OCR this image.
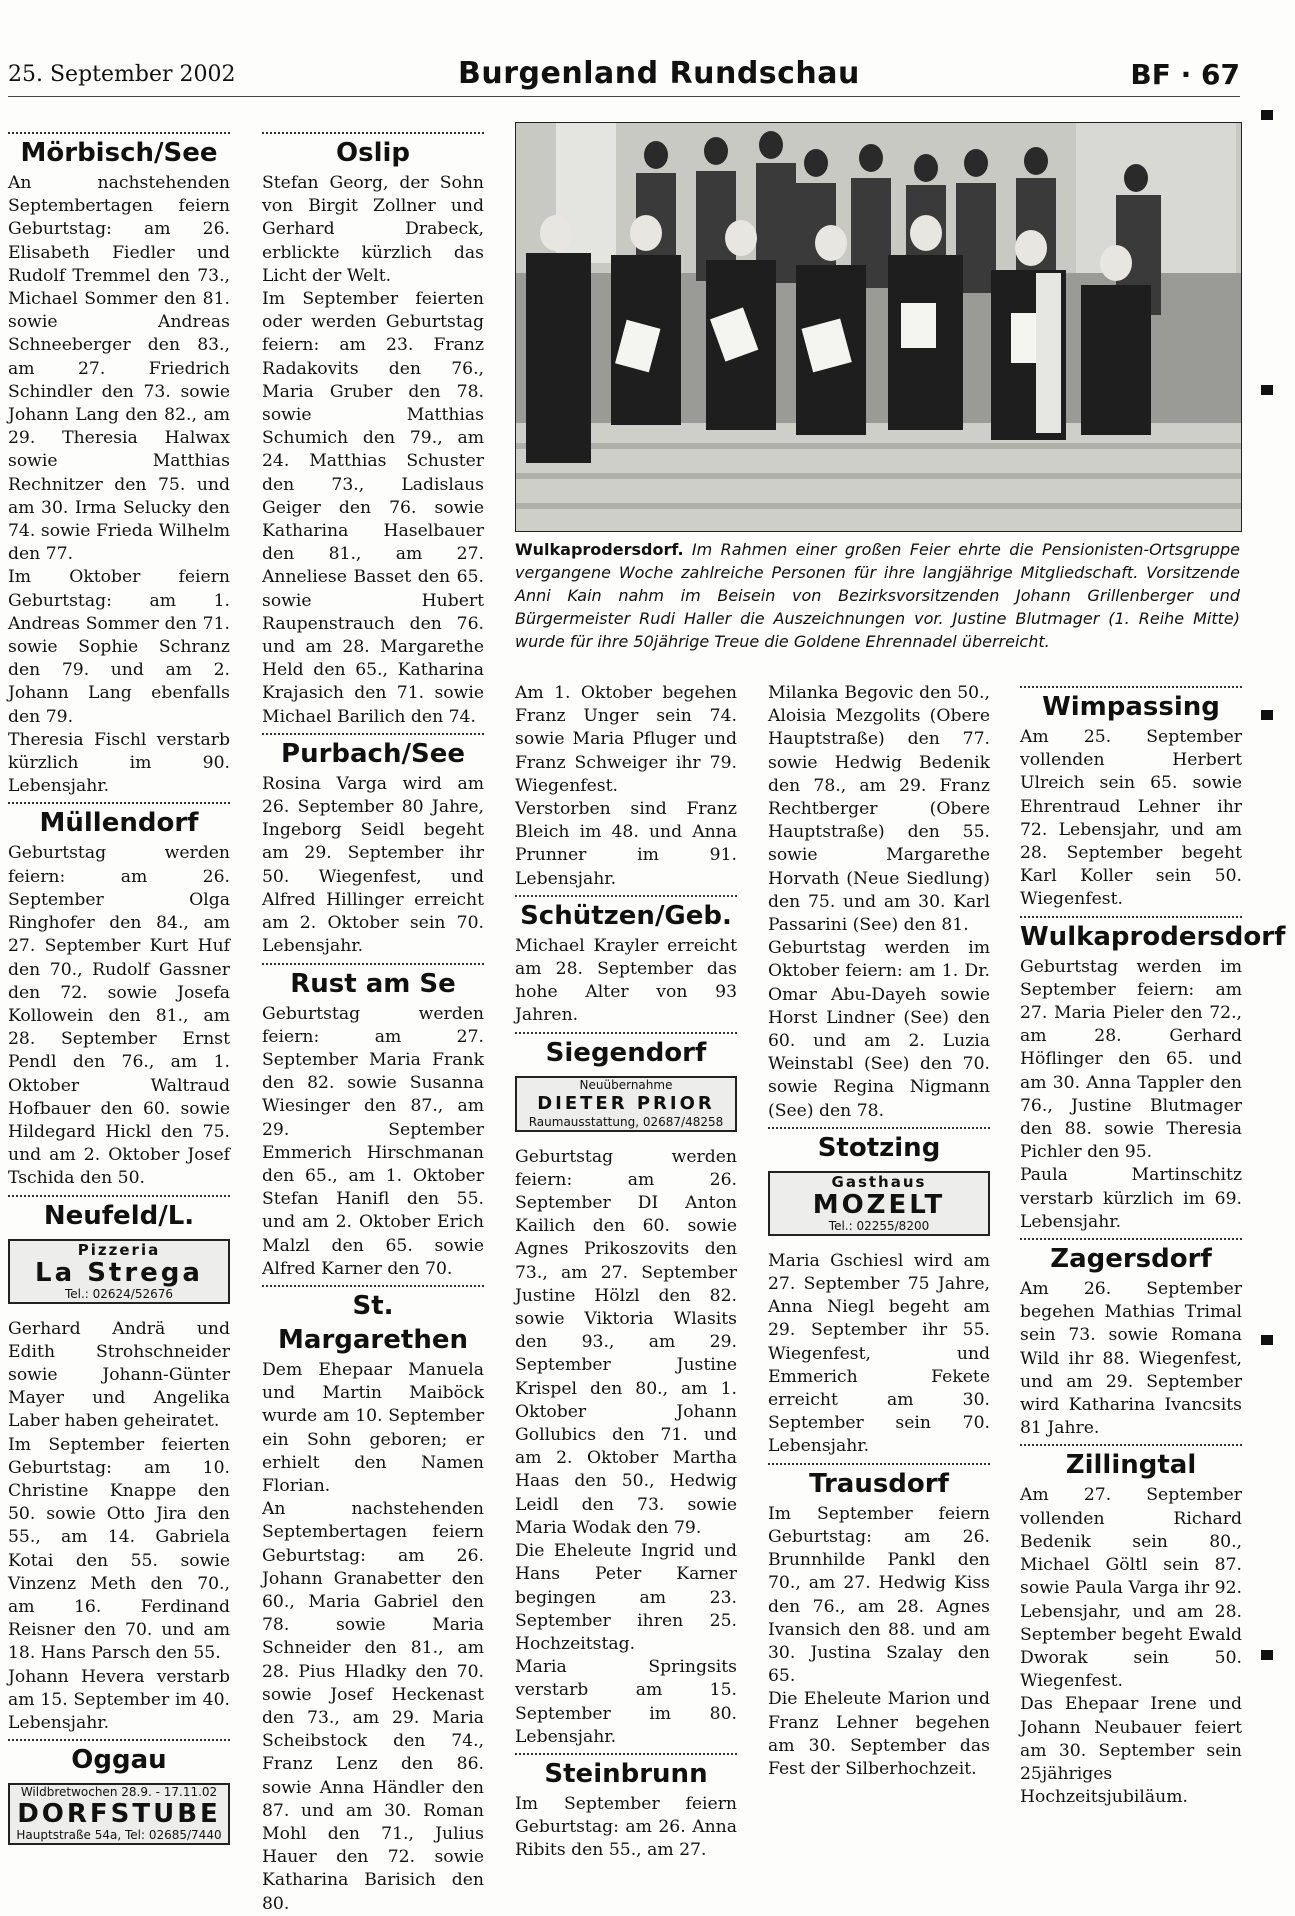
25. September 2002	Burgenland Rundschau	BF · 67
Mörbisch/See

An nachstehenden Septembertagen feiern Geburtstag: am 26. Elisabeth Fiedler und Rudolf Tremmel den 73., Michael Sommer den 81. sowie Andreas Schneeberger den 83., am 27. Friedrich Schindler den 73. sowie Johann Lang den 82., am 29. Theresia Halwax sowie Matthias Rechnitzer den 75. und am 30. Irma Selucky den 74. sowie Frieda Wilhelm den 77.

Im Oktober feiern Geburtstag: am 1. Andreas Sommer den 71. sowie Sophie Schranz den 79. und am 2. Johann Lang ebenfalls den 79.

Theresia Fischl verstarb kürzlich im 90. Lebensjahr.

Müllendorf

Geburtstag werden feiern: am 26. September Olga Ringhofer den 84., am 27. September Kurt Huf den 70., Rudolf Gassner den 72. sowie Josefa Kollowein den 81., am 28. September Ernst Pendl den 76., am 1. Oktober Waltraud Hofbauer den 60. sowie Hildegard Hickl den 75. und am 2. Oktober Josef Tschida den 50.

Neufeld/L.
Pizzeria
La Strega
Tel.: 02624/52676

Gerhard Andrä und Edith Strohschneider sowie Johann-Günter Mayer und Angelika Laber haben geheiratet.

Im September feierten Geburtstag: am 10. Christine Knappe den 50. sowie Otto Jira den 55., am 14. Gabriela Kotai den 55. sowie Vinzenz Meth den 70., am 16. Ferdinand Reisner den 70. und am 18. Hans Parsch den 55.

Johann Hevera verstarb am 15. September im 40. Lebensjahr.

Oggau
Wildbretwochen 28.9. - 17.11.02
DORFSTUBE
Hauptstraße 54a, Tel: 02685/7440
Oslip

Stefan Georg, der Sohn von Birgit Zollner und Gerhard Drabeck, erblickte kürzlich das Licht der Welt.

Im September feierten oder werden Geburtstag feiern: am 23. Franz Radakovits den 76., Maria Gruber den 78. sowie Matthias Schumich den 79., am 24. Matthias Schuster den 73., Ladislaus Geiger den 76. sowie Katharina Haselbauer den 81., am 27. Anneliese Basset den 65. sowie Hubert Raupenstrauch den 76. und am 28. Margarethe Held den 65., Katharina Krajasich den 71. sowie Michael Barilich den 74.

Purbach/See

Rosina Varga wird am 26. September 80 Jahre, Ingeborg Seidl begeht am 29. September ihr 50. Wiegenfest, und Alfred Hillinger erreicht am 2. Oktober sein 70. Lebensjahr.

Rust am Se

Geburtstag werden feiern: am 27. September Maria Frank den 82. sowie Susanna Wiesinger den 87., am 29. September Emmerich Hirschmanan den 65., am 1. Oktober Stefan Hanifl den 55. und am 2. Oktober Erich Malzl den 65. sowie Alfred Karner den 70.

St. Margarethen

Dem Ehepaar Manuela und Martin Maiböck wurde am 10. September ein Sohn geboren; er erhielt den Namen Florian.

An nachstehenden Septembertagen feiern Geburtstag: am 26. Johann Granabetter den 60., Maria Gabriel den 78. sowie Maria Schneider den 81., am 28. Pius Hladky den 70. sowie Josef Heckenast den 73., am 29. Maria Scheibstock den 74., Franz Lenz den 86. sowie Anna Händler den 87. und am 30. Roman Mohl den 71., Julius Hauer den 72. sowie Katharina Barisich den 80.

Wulkaprodersdorf. Im Rahmen einer großen Feier ehrte die Pensionisten-Ortsgruppe vergangene Woche zahlreiche Personen für ihre langjährige Mitgliedschaft. Vorsitzende Anni Kain nahm im Beisein von Bezirksvorsitzenden Johann Grillenberger und Bürgermeister Rudi Haller die Auszeichnungen vor. Justine Blutmager (1. Reihe Mitte) wurde für ihre 50jährige Treue die Goldene Ehrennadel überreicht.

Am 1. Oktober begehen Franz Unger sein 74. sowie Maria Pfluger und Franz Schweiger ihr 79. Wiegenfest.

Verstorben sind Franz Bleich im 48. und Anna Prunner im 91. Lebensjahr.

Schützen/Geb.

Michael Krayler erreicht am 28. September das hohe Alter von 93 Jahren.

Siegendorf
Neuübernahme
DIETER PRIOR
Raumausstattung, 02687/48258

Geburtstag werden feiern: am 26. September DI Anton Kailich den 60. sowie Agnes Prikoszovits den 73., am 27. September Justine Hölzl den 82. sowie Viktoria Wlasits den 93., am 29. September Justine Krispel den 80., am 1. Oktober Johann Gollubics den 71. und am 2. Oktober Martha Haas den 50., Hedwig Leidl den 73. sowie Maria Wodak den 79.

Die Eheleute Ingrid und Hans Peter Karner begingen am 23. September ihren 25. Hochzeitstag.

Maria Springsits verstarb am 15. September im 80. Lebensjahr.

Steinbrunn

Im September feiern Geburtstag: am 26. Anna Ribits den 55., am 27.

Milanka Begovic den 50., Aloisia Mezgolits (Obere Hauptstraße) den 77. sowie Hedwig Bedenik den 78., am 29. Franz Rechtberger (Obere Hauptstraße) den 55. sowie Margarethe Horvath (Neue Siedlung) den 75. und am 30. Karl Passarini (See) den 81.

Geburtstag werden im Oktober feiern: am 1. Dr. Omar Abu-Dayeh sowie Horst Lindner (See) den 60. und am 2. Luzia Weinstabl (See) den 70. sowie Regina Nigmann (See) den 78.

Stotzing
Gasthaus
MOZELT
Tel.: 02255/8200

Maria Gschiesl wird am 27. September 75 Jahre, Anna Niegl begeht am 29. September ihr 55. Wiegenfest, und Emmerich Fekete erreicht am 30. September sein 70. Lebensjahr.

Trausdorf

Im September feiern Geburtstag: am 26. Brunnhilde Pankl den 70., am 27. Hedwig Kiss den 76., am 28. Agnes Ivansich den 88. und am 30. Justina Szalay den 65.

Die Eheleute Marion und Franz Lehner begehen am 30. September das Fest der Silberhochzeit.

Wimpassing

Am 25. September vollenden Herbert Ulreich sein 65. sowie Ehrentraud Lehner ihr 72. Lebensjahr, und am 28. September begeht Karl Koller sein 50. Wiegenfest.

Wulkaprodersdorf

Geburtstag werden im September feiern: am 27. Maria Pieler den 72., am 28. Gerhard Höflinger den 65. und am 30. Anna Tappler den 76., Justine Blutmager den 88. sowie Theresia Pichler den 95.

Paula Martinschitz verstarb kürzlich im 69. Lebensjahr.

Zagersdorf

Am 26. September begehen Mathias Trimal sein 73. sowie Romana Wild ihr 88. Wiegenfest, und am 29. September wird Katharina Ivancsits 81 Jahre.

Zillingtal

Am 27. September vollenden Richard Bedenik sein 80., Michael Göltl sein 87. sowie Paula Varga ihr 92. Lebensjahr, und am 28. September begeht Ewald Dworak sein 50. Wiegenfest.

Das Ehepaar Irene und Johann Neubauer feiert am 30. September sein 25jähriges Hochzeitsjubiläum.
